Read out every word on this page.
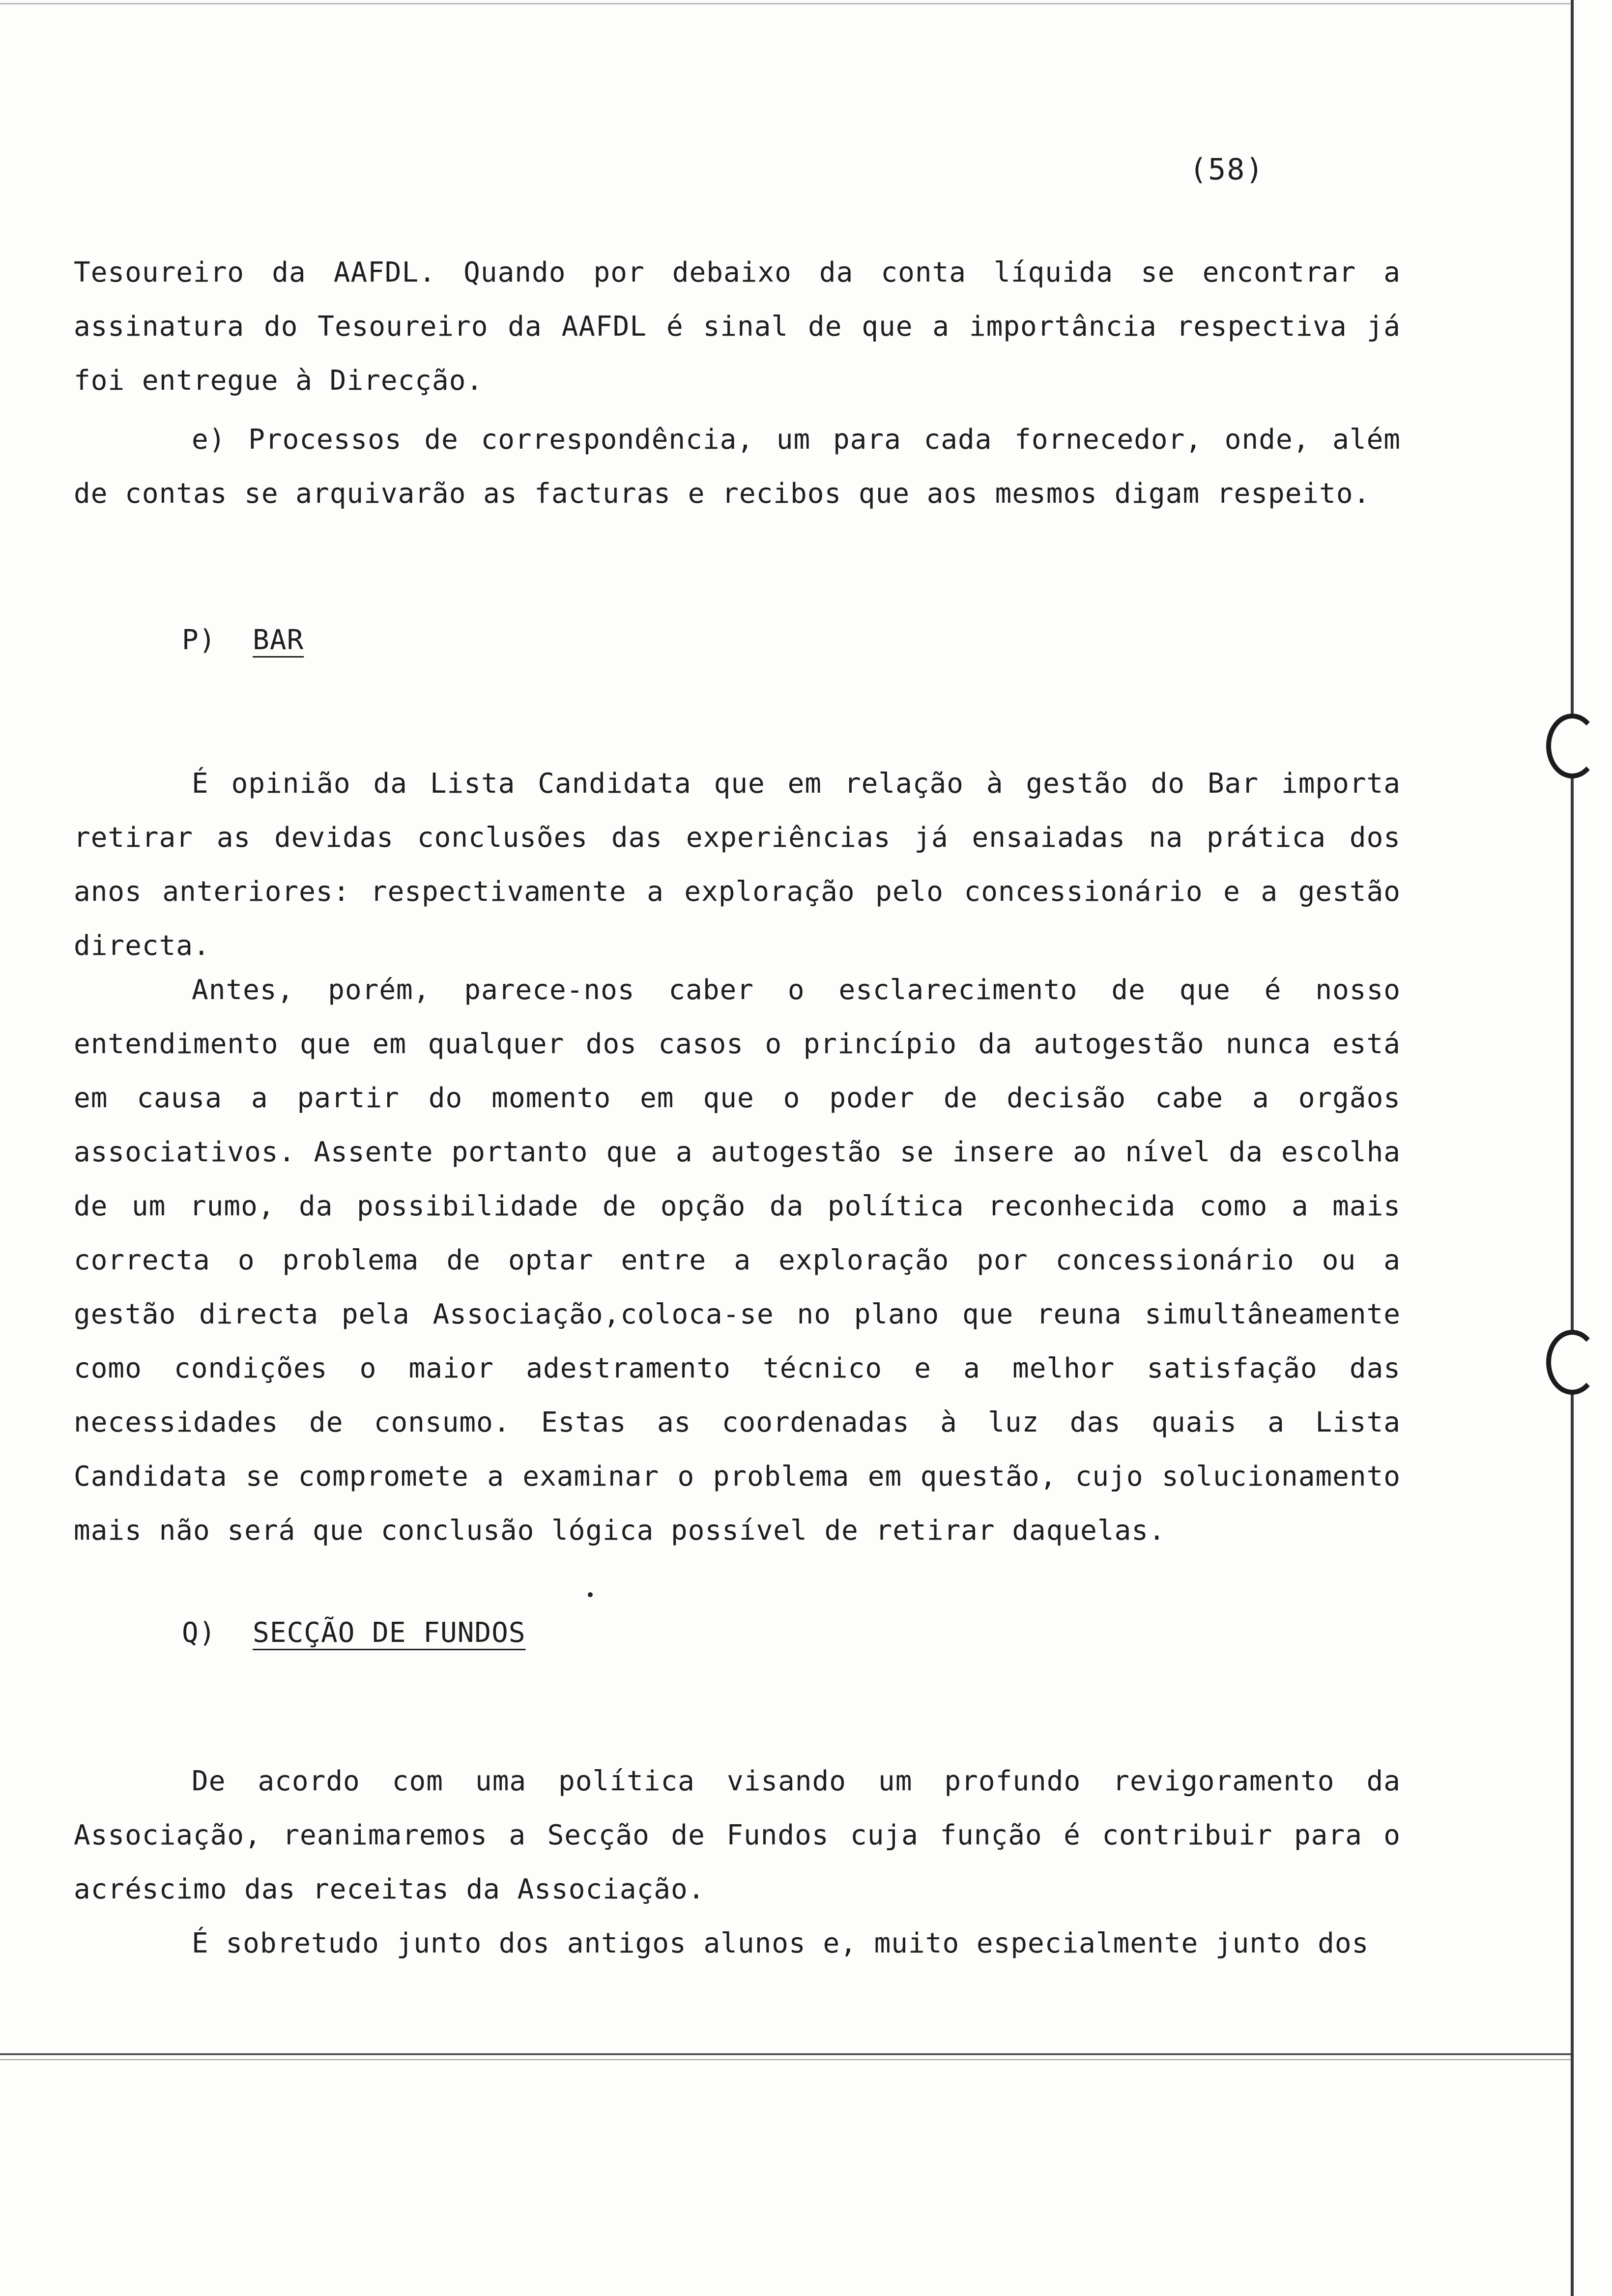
(58)
Tesoureiro da AAFDL. Quando por debaixo da conta líquida se encontrar a assinatura do Tesoureiro da AAFDL é sinal de que a importância respectiva já foi entregue à Direcção.
e) Processos de correspondência, um para cada fornecedor, onde, além de contas se arquivarão as facturas e recibos que aos mesmos digam respeito.
P) BAR
É opinião da Lista Candidata que em relação à gestão do Bar importa retirar as devidas conclusões das experiências já ensaiadas na prática dos anos anteriores: respectivamente a exploração pelo concessionário e a gestão directa.
Antes, porém, parece-nos caber o esclarecimento de que é nosso entendimento que em qualquer dos casos o princípio da autogestão nunca está em causa a partir do momento em que o poder de decisão cabe a orgãos associativos. Assente portanto que a autogestão se insere ao nível da escolha de um rumo, da possibilidade de opção da política reconhecida como a mais correcta o problema de optar entre a exploração por concessionário ou a gestão directa pela Associação,coloca-se no plano que reuna simultâneamente como condições o maior adestramento técnico e a melhor satisfação das necessidades de consumo. Estas as coordenadas à luz das quais a Lista Candidata se compromete a examinar o problema em questão, cujo solucionamento mais não será que conclusão lógica possível de retirar daquelas.
Q) SECÇÃO DE FUNDOS
De acordo com uma política visando um profundo revigoramento da Associação, reanimaremos a Secção de Fundos cuja função é contribuir para o acréscimo das receitas da Associação.
É sobretudo junto dos antigos alunos e, muito especialmente junto dos
